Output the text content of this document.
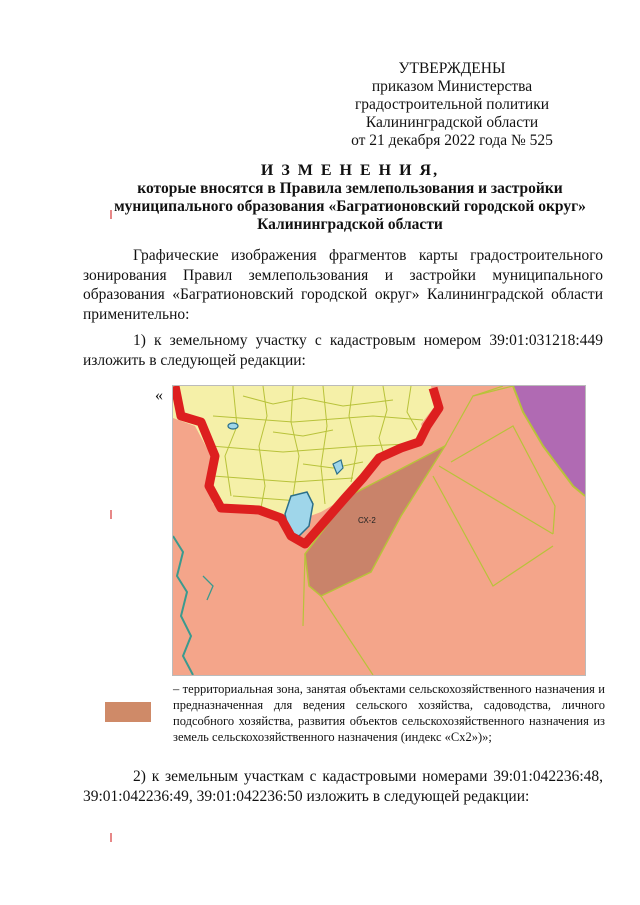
УТВЕРЖДЕНЫ
приказом Министерства
градостроительной политики
Калининградской области
от 21 декабря 2022 года № 525
И З М Е Н Е Н И Я,
которые вносятся в Правила землепользования и застройки
муниципального образования «Багратионовский городской округ»
Калининградской области
Графические изображения фрагментов карты градостроительного зонирования Правил землепользования и застройки муниципального образования «Багратионовский городской округ» Калининградской области применительно:
1) к земельному участку с кадастровым номером 39:01:031218:449 изложить в следующей редакции:
«
СХ-2
– территориальная зона, занятая объектами сельскохозяйственного назначения и предназначенная для ведения сельского хозяйства, садоводства, личного подсобного хозяйства, развития объектов сельскохозяйственного назначения из земель сельскохозяйственного назначения (индекс «Сх2»)»;
2) к земельным участкам с кадастровыми номерами 39:01:042236:48, 39:01:042236:49, 39:01:042236:50 изложить в следующей редакции:
